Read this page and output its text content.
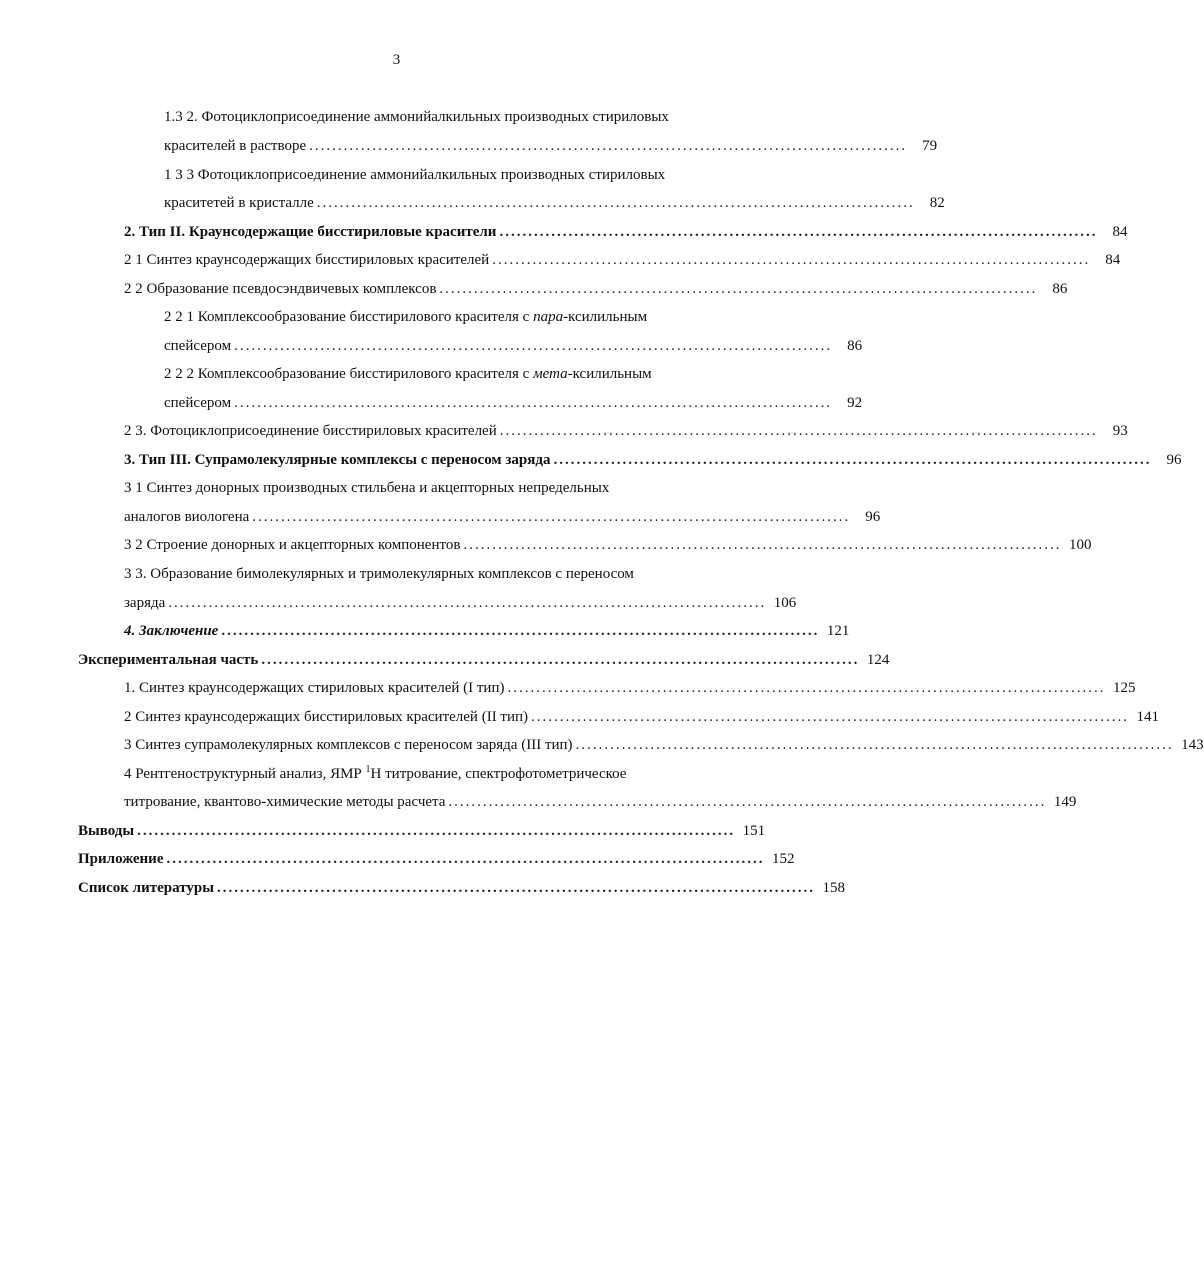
3
1.3 2. Фотоциклоприсоединение аммонийалкильных производных стириловых
красителей в растворе ........................................................................................................	79
1 3 3 Фотоциклоприсоединение аммонийалкильных производных стириловых
краситетей в кристалле ........................................................................................................	82
2. Тип II. Краунсодержащие бисстириловые красители ........................................................................................................	84
2 1 Синтез краунсодержащих бисстириловых красителей ........................................................................................................	84
2 2 Образование псевдосэндвичевых комплексов ........................................................................................................	86
2 2 1 Комплексообразование бисстирилового красителя с пара-ксилильным
спейсером ........................................................................................................	86
2 2 2 Комплексообразование бисстирилового красителя с мета-ксилильным
спейсером ........................................................................................................	92
2 3. Фотоциклоприсоединение бисстириловых красителей ........................................................................................................	93
3. Тип III. Супрамолекулярные комплексы с переносом заряда ........................................................................................................	96
3 1 Синтез донорных производных стильбена и акцепторных непредельных
аналогов виологена ........................................................................................................	96
3 2 Строение донорных и акцепторных компонентов ........................................................................................................ 100
3 3. Образование бимолекулярных и тримолекулярных комплексов с переносом
заряда ........................................................................................................ 106
4. Заключение ........................................................................................................ 121
Экспериментальная часть ........................................................................................................ 124
1. Синтез краунсодержащих стириловых красителей (I тип) ........................................................................................................ 125
2 Синтез краунсодержащих бисстириловых красителей (II тип) ........................................................................................................ 141
3 Синтез супрамолекулярных комплексов с переносом заряда (III тип) ........................................................................................................ 143
4 Рентгеноструктурный анализ, ЯМР $^1$Н титрование, спектрофотометрическое
титрование, квантово-химические методы расчета ........................................................................................................ 149
Выводы ........................................................................................................ 151
Приложение ........................................................................................................ 152
Список литературы ........................................................................................................ 158
